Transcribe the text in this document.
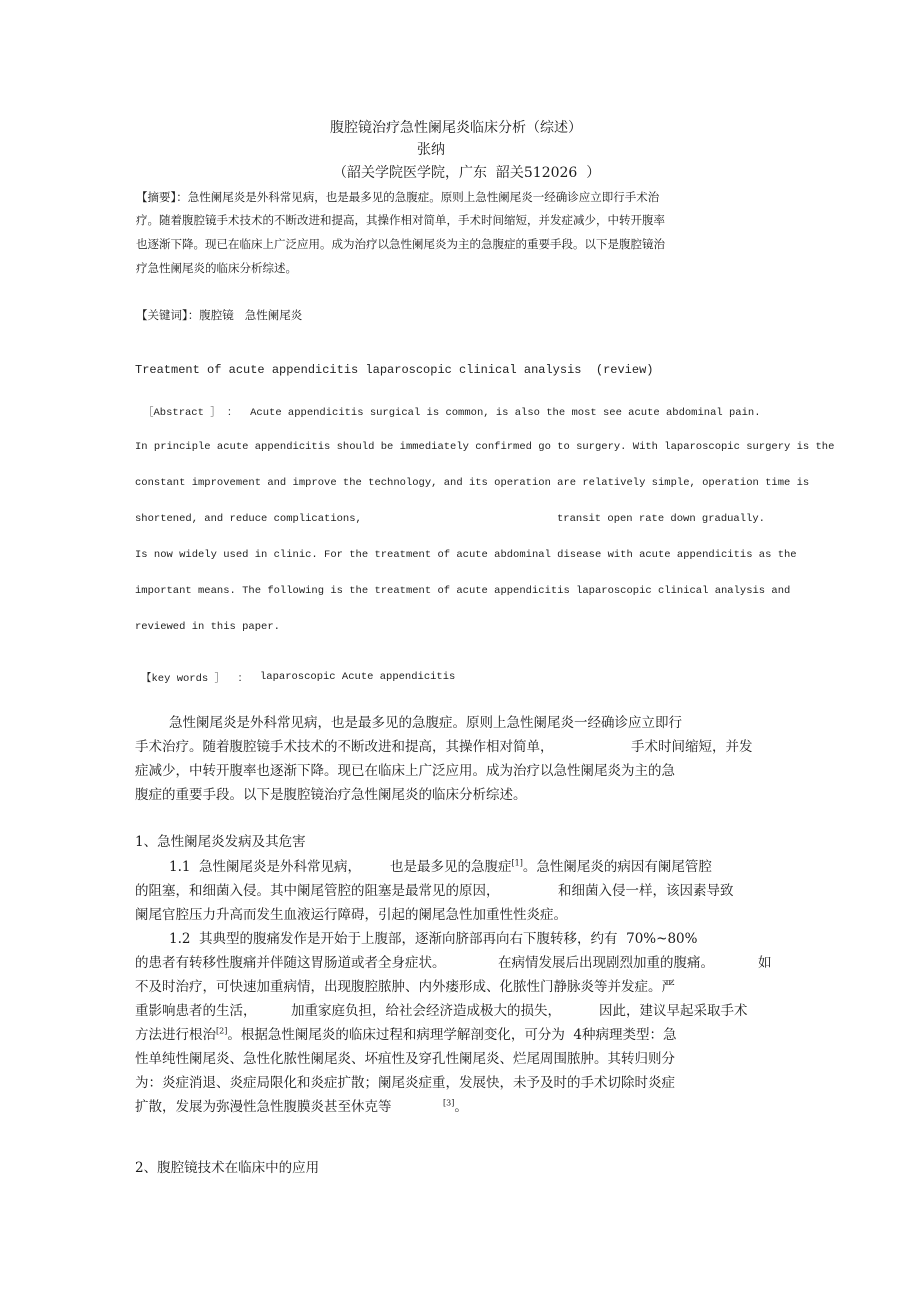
腹腔镜治疗急性阑尾炎临床分析（综述）
张纳
（韶关学院医学院，广东  韶关512026  ）
【摘要】：急性阑尾炎是外科常见病，也是最多见的急腹症。原则上急性阑尾炎一经确诊应立即行手术治
疗。随着腹腔镜手术技术的不断改进和提高，其操作相对简单，手术时间缩短，并发症减少，中转开腹率
也逐渐下降。现已在临床上广泛应用。成为治疗以急性阑尾炎为主的急腹症的重要手段。以下是腹腔镜治
疗急性阑尾炎的临床分析综述。
【关键词】：腹腔镜   急性阑尾炎
Treatment of acute appendicitis laparoscopic clinical analysis  (review)
［Abstract ］ ：  Acute appendicitis surgical is common, is also the most see acute abdominal pain.
In principle acute appendicitis should be immediately confirmed go to surgery. With laparoscopic surgery is the
constant improvement and improve the technology, and its operation are relatively simple, operation time is
shortened, and reduce complications,	transit open rate down gradually.
Is now widely used in clinic. For the treatment of acute abdominal disease with acute appendicitis as the
important means. The following is the treatment of acute appendicitis laparoscopic clinical analysis and
reviewed in this paper.
【key words ］  ： laparoscopic Acute appendicitis
急性阑尾炎是外科常见病，也是最多见的急腹症。原则上急性阑尾炎一经确诊应立即行
手术治疗。随着腹腔镜手术技术的不断改进和提高，其操作相对简单，	手术时间缩短，并发
症减少，中转开腹率也逐渐下降。现已在临床上广泛应用。成为治疗以急性阑尾炎为主的急
腹症的重要手段。以下是腹腔镜治疗急性阑尾炎的临床分析综述。
1、急性阑尾炎发病及其危害
1.1  急性阑尾炎是外科常见病， 也是最多见的急腹症[1]。急性阑尾炎的病因有阑尾管腔
的阻塞，和细菌入侵。其中阑尾管腔的阻塞是最常见的原因，	和细菌入侵一样，该因素导致
阑尾官腔压力升高而发生血液运行障碍，引起的阑尾急性加重性性炎症。
1.2  其典型的腹痛发作是开始于上腹部，逐渐向脐部再向右下腹转移，约有  70%~80%
的患者有转移性腹痛并伴随这胃肠道或者全身症状。	在病情发展后出现剧烈加重的腹痛。	如
不及时治疗，可快速加重病情，出现腹腔脓肿、内外瘘形成、化脓性门静脉炎等并发症。严
重影响患者的生活，	加重家庭负担，给社会经济造成极大的损失，	因此，建议早起采取手术
方法进行根治[2]。根据急性阑尾炎的临床过程和病理学解剖变化，可分为  4种病理类型：急
性单纯性阑尾炎、急性化脓性阑尾炎、坏疽性及穿孔性阑尾炎、烂尾周围脓肿。其转归则分
为：炎症消退、炎症局限化和炎症扩散；阑尾炎症重，发展快，未予及时的手术切除时炎症
扩散，发展为弥漫性急性腹膜炎甚至休克等	[3]。
2、腹腔镜技术在临床中的应用
